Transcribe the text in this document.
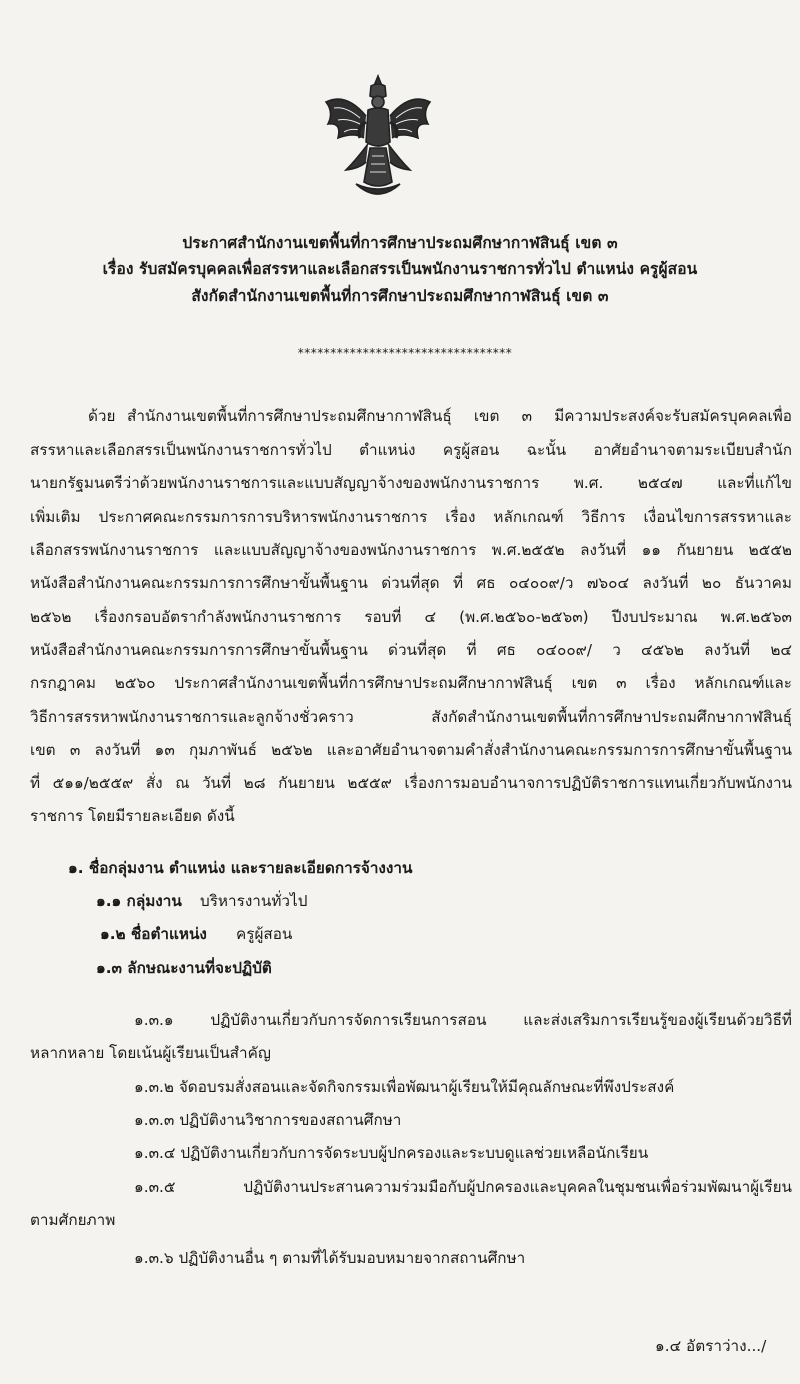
ประกาศสำนักงานเขตพื้นที่การศึกษาประถมศึกษากาฬสินธุ์ เขต ๓
เรื่อง รับสมัครบุคคลเพื่อสรรหาและเลือกสรรเป็นพนักงานราชการทั่วไป ตำแหน่ง ครูผู้สอน
สังกัดสำนักงานเขตพื้นที่การศึกษาประถมศึกษากาฬสินธุ์ เขต ๓
*********************************
ด้วย สำนักงานเขตพื้นที่การศึกษาประถมศึกษากาฬสินธุ์ เขต ๓ มีความประสงค์จะรับสมัครบุคคลเพื่อ
สรรหาและเลือกสรรเป็นพนักงานราชการทั่วไป ตำแหน่ง ครูผู้สอน ฉะนั้น อาศัยอำนาจตามระเบียบสำนัก
นายกรัฐมนตรีว่าด้วยพนักงานราชการและแบบสัญญาจ้างของพนักงานราชการ พ.ศ. ๒๕๔๗ และที่แก้ไข
เพิ่มเติม ประกาศคณะกรรมการการบริหารพนักงานราชการ เรื่อง หลักเกณฑ์ วิธีการ เงื่อนไขการสรรหาและ
เลือกสรรพนักงานราชการ และแบบสัญญาจ้างของพนักงานราชการ พ.ศ.๒๕๕๒ ลงวันที่ ๑๑ กันยายน ๒๕๕๒
หนังสือสำนักงานคณะกรรมการการศึกษาขั้นพื้นฐาน ด่วนที่สุด ที่ ศธ ๐๔๐๐๙/ว ๗๖๐๔ ลงวันที่ ๒๐ ธันวาคม
๒๕๖๒ เรื่องกรอบอัตรากำลังพนักงานราชการ รอบที่ ๔ (พ.ศ.๒๕๖๐-๒๕๖๓) ปีงบประมาณ พ.ศ.๒๕๖๓
หนังสือสำนักงานคณะกรรมการการศึกษาขั้นพื้นฐาน ด่วนที่สุด ที่ ศธ ๐๔๐๐๙/ ว ๔๕๖๒ ลงวันที่ ๒๔
กรกฎาคม ๒๕๖๐ ประกาศสำนักงานเขตพื้นที่การศึกษาประถมศึกษากาฬสินธุ์ เขต ๓ เรื่อง หลักเกณฑ์และ
วิธีการสรรหาพนักงานราชการและลูกจ้างชั่วคราว สังกัดสำนักงานเขตพื้นที่การศึกษาประถมศึกษากาฬสินธุ์
เขต ๓ ลงวันที่ ๑๓ กุมภาพันธ์ ๒๕๖๒ และอาศัยอำนาจตามคำสั่งสำนักงานคณะกรรมการการศึกษาขั้นพื้นฐาน
ที่ ๕๑๑/๒๕๕๙ สั่ง ณ วันที่ ๒๘ กันยายน ๒๕๕๙ เรื่องการมอบอำนาจการปฏิบัติราชการแทนเกี่ยวกับพนักงาน
ราชการ โดยมีรายละเอียด ดังนี้
๑. ชื่อกลุ่มงาน ตำแหน่ง และรายละเอียดการจ้างงาน
๑.๑ กลุ่มงาน บริหารงานทั่วไป
๑.๒ ชื่อตำแหน่ง ครูผู้สอน
๑.๓ ลักษณะงานที่จะปฏิบัติ
๑.๓.๑ ปฏิบัติงานเกี่ยวกับการจัดการเรียนการสอน และส่งเสริมการเรียนรู้ของผู้เรียนด้วยวิธีที่
หลากหลาย โดยเน้นผู้เรียนเป็นสำคัญ
๑.๓.๒ จัดอบรมสั่งสอนและจัดกิจกรรมเพื่อพัฒนาผู้เรียนให้มีคุณลักษณะที่พึงประสงค์
๑.๓.๓ ปฏิบัติงานวิชาการของสถานศึกษา
๑.๓.๔ ปฏิบัติงานเกี่ยวกับการจัดระบบผู้ปกครองและระบบดูแลช่วยเหลือนักเรียน
๑.๓.๕ ปฏิบัติงานประสานความร่วมมือกับผู้ปกครองและบุคคลในชุมชนเพื่อร่วมพัฒนาผู้เรียน
ตามศักยภาพ
๑.๓.๖ ปฏิบัติงานอื่น ๆ ตามที่ได้รับมอบหมายจากสถานศึกษา
๑.๔ อัตราว่าง.../
